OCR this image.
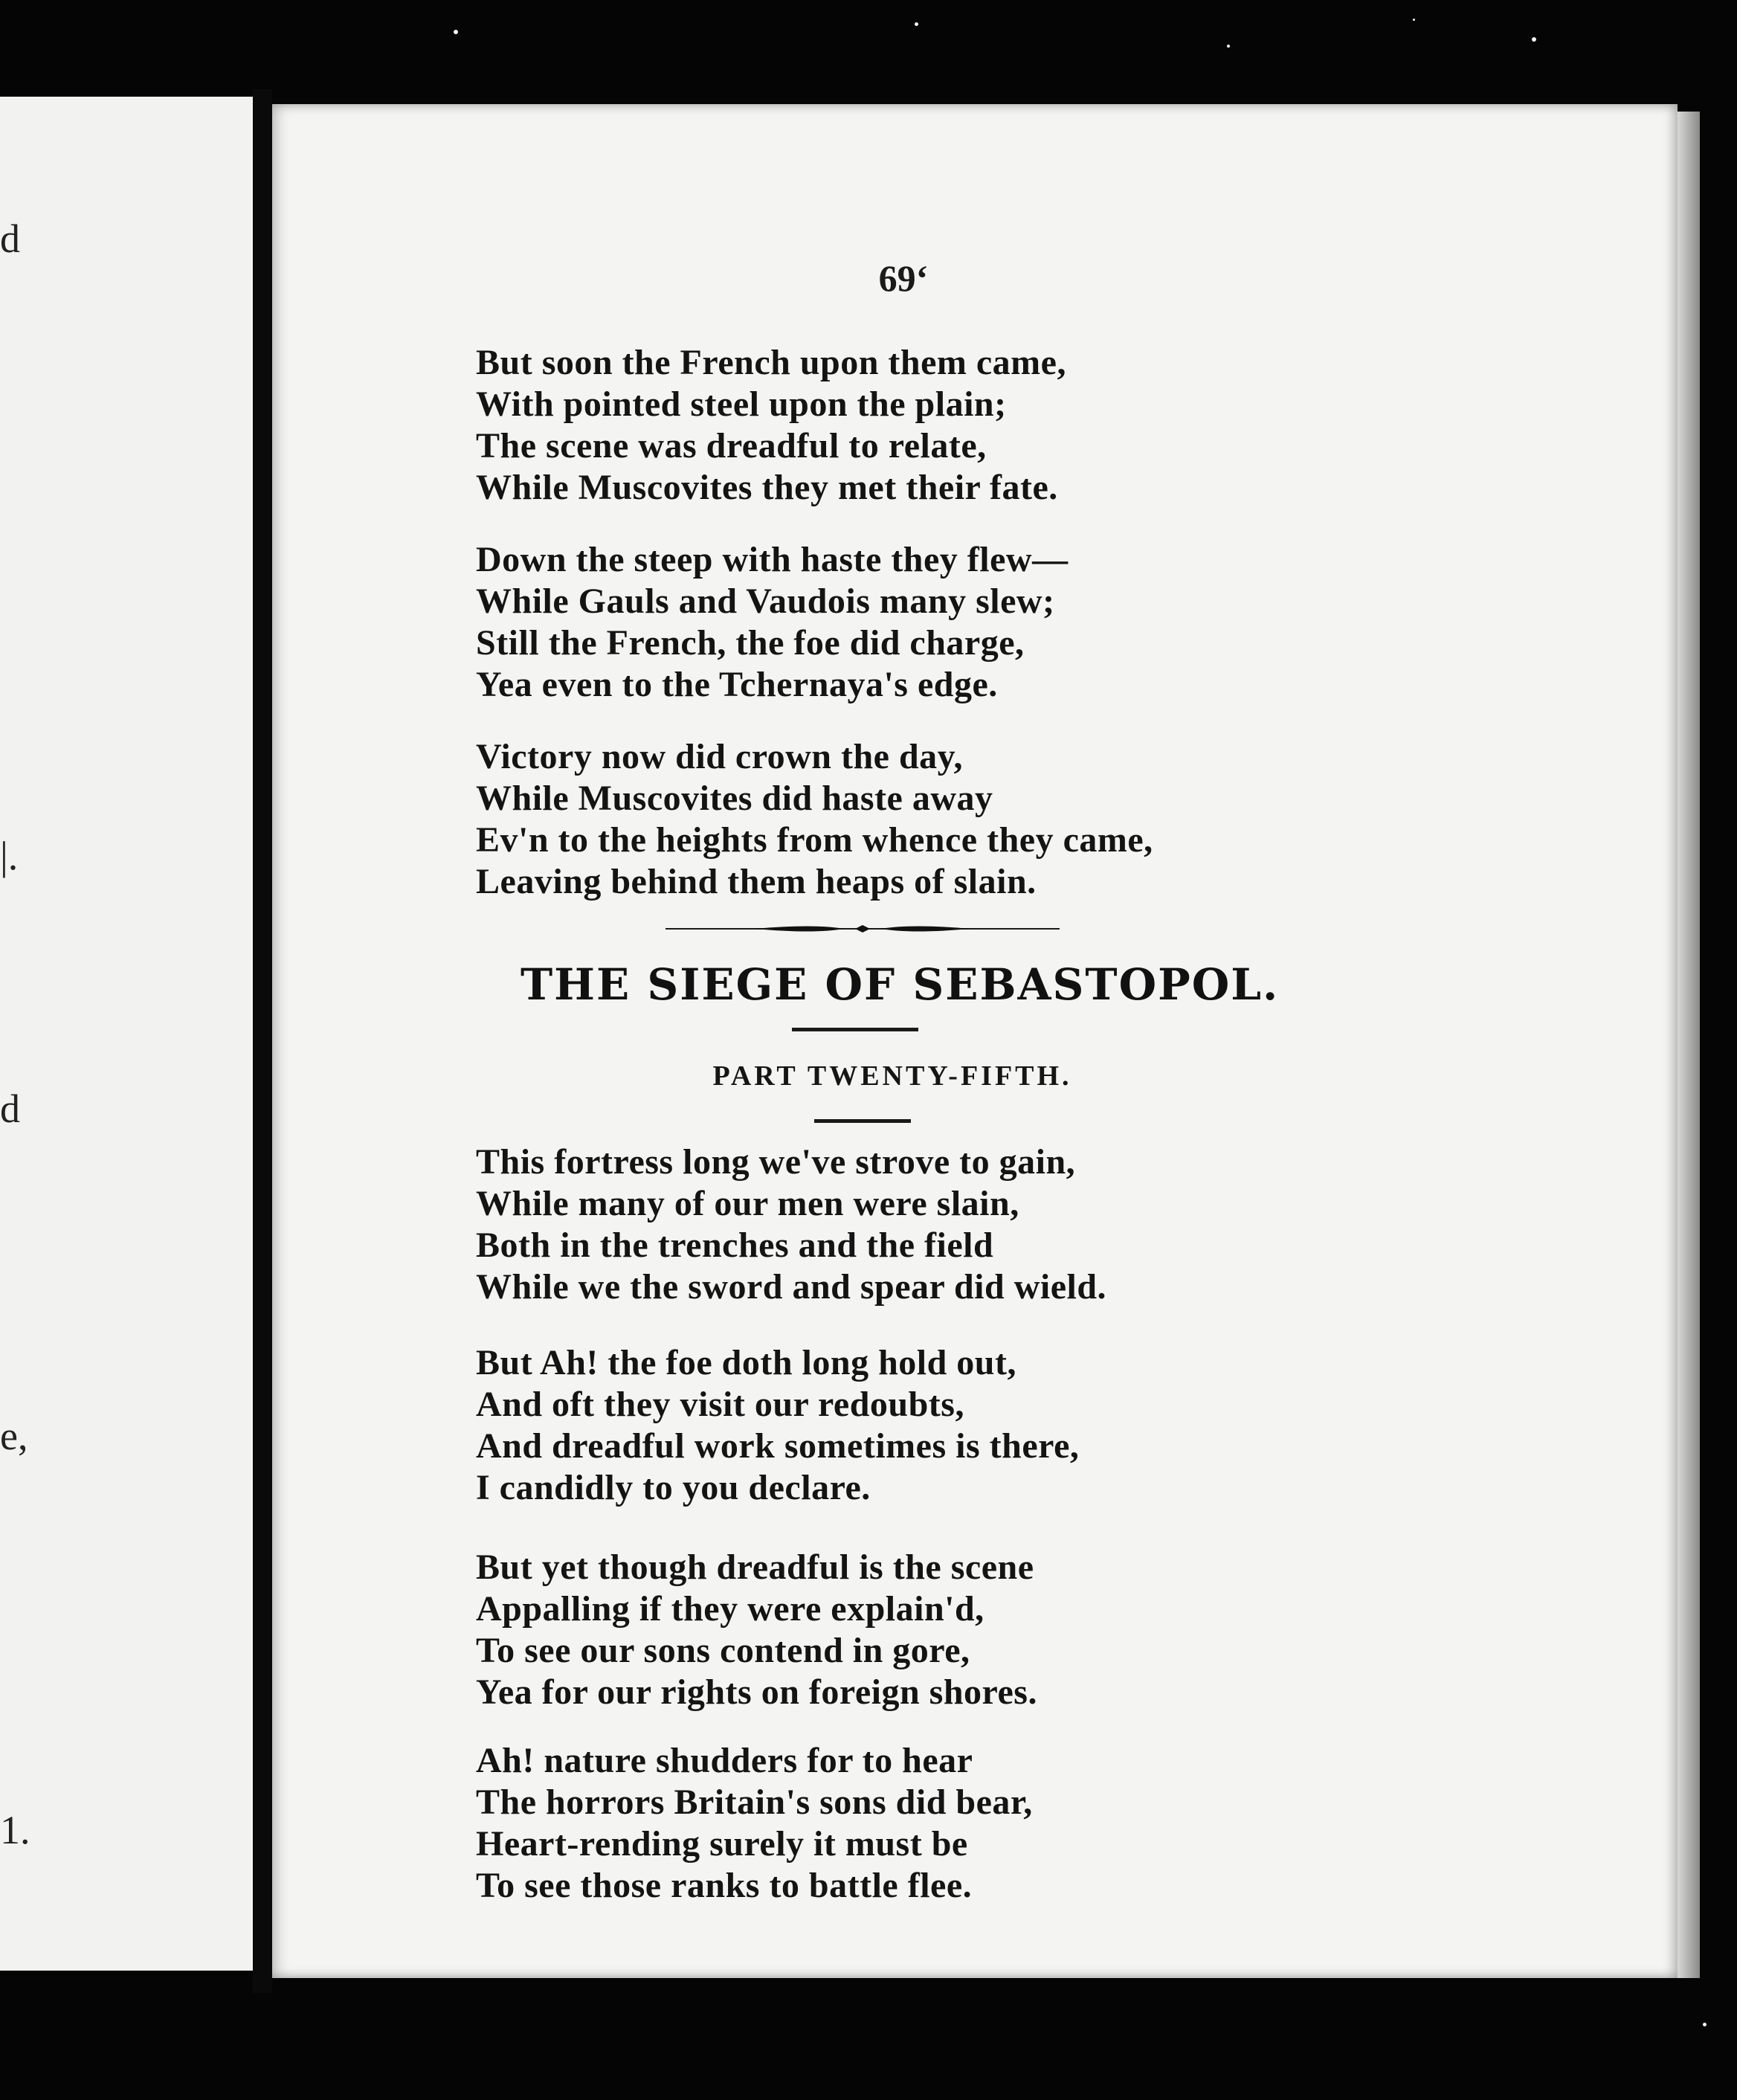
d
|.
d
e,
1.
69ʻ
But soon the French upon them came,
With pointed steel upon the plain;
The scene was dreadful to relate,
While Muscovites they met their fate.
Down the steep with haste they flew—
While Gauls and Vaudois many slew;
Still the French, the foe did charge,
Yea even to the Tchernaya's edge.
Victory now did crown the day,
While Muscovites did haste away
Ev'n to the heights from whence they came,
Leaving behind them heaps of slain.
THE SIEGE OF SEBASTOPOL.
PART TWENTY-FIFTH.
This fortress long we've strove to gain,
While many of our men were slain,
Both in the trenches and the field
While we the sword and spear did wield.
But Ah! the foe doth long hold out,
And oft they visit our redoubts,
And dreadful work sometimes is there,
I candidly to you declare.
But yet though dreadful is the scene
Appalling if they were explain'd,
To see our sons contend in gore,
Yea for our rights on foreign shores.
Ah! nature shudders for to hear
The horrors Britain's sons did bear,
Heart-rending surely it must be
To see those ranks to battle flee.
